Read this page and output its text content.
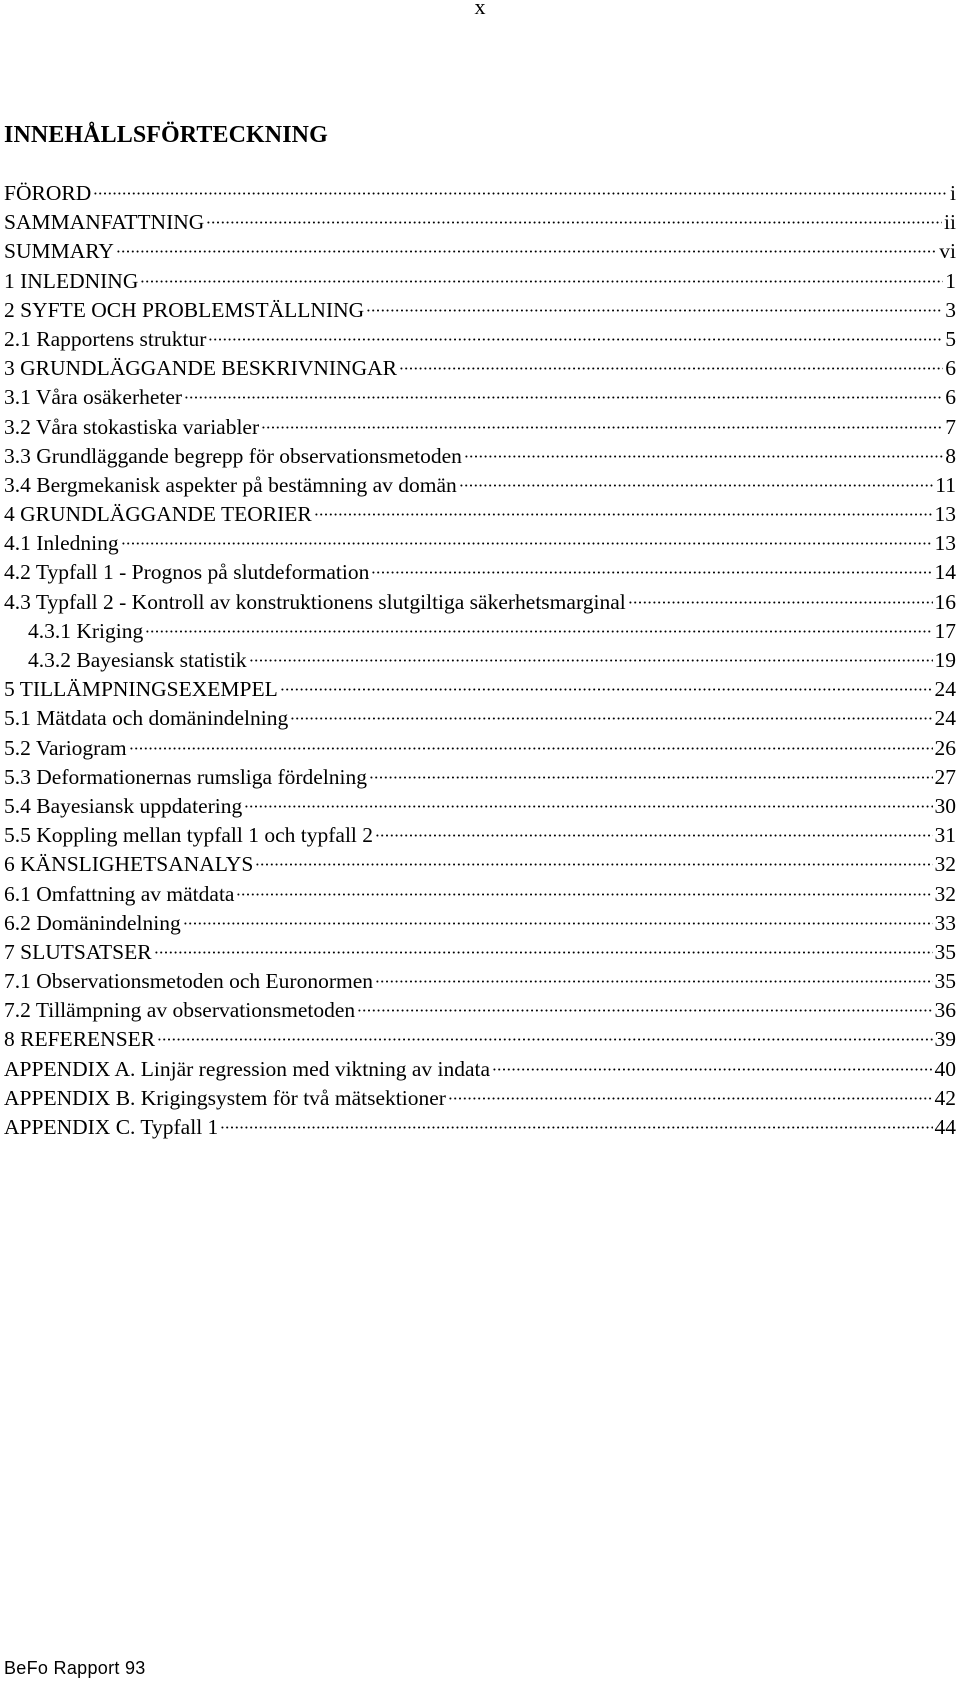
x
INNEHÅLLSFÖRTECKNING
FÖRORD	i
SAMMANFATTNING	ii
SUMMARY	vi
1 INLEDNING	1
2 SYFTE OCH PROBLEMSTÄLLNING	3
2.1 Rapportens struktur	5
3 GRUNDLÄGGANDE BESKRIVNINGAR	6
3.1 Våra osäkerheter	6
3.2 Våra stokastiska variabler	7
3.3 Grundläggande begrepp för observationsmetoden	8
3.4 Bergmekanisk aspekter på bestämning av domän	11
4 GRUNDLÄGGANDE TEORIER	13
4.1 Inledning	13
4.2 Typfall 1 - Prognos på slutdeformation	14
4.3 Typfall 2 - Kontroll av konstruktionens slutgiltiga säkerhetsmarginal	16
4.3.1 Kriging	17
4.3.2 Bayesiansk statistik	19
5 TILLÄMPNINGSEXEMPEL	24
5.1 Mätdata och domänindelning	24
5.2 Variogram	26
5.3 Deformationernas rumsliga fördelning	27
5.4 Bayesiansk uppdatering	30
5.5 Koppling mellan typfall 1 och typfall 2	31
6 KÄNSLIGHETSANALYS	32
6.1 Omfattning av mätdata	32
6.2 Domänindelning	33
7 SLUTSATSER	35
7.1 Observationsmetoden och Euronormen	35
7.2 Tillämpning av observationsmetoden	36
8 REFERENSER	39
APPENDIX A. Linjär regression med viktning av indata	40
APPENDIX B. Krigingsystem för två mätsektioner	42
APPENDIX C. Typfall 1	44
BeFo Rapport 93
